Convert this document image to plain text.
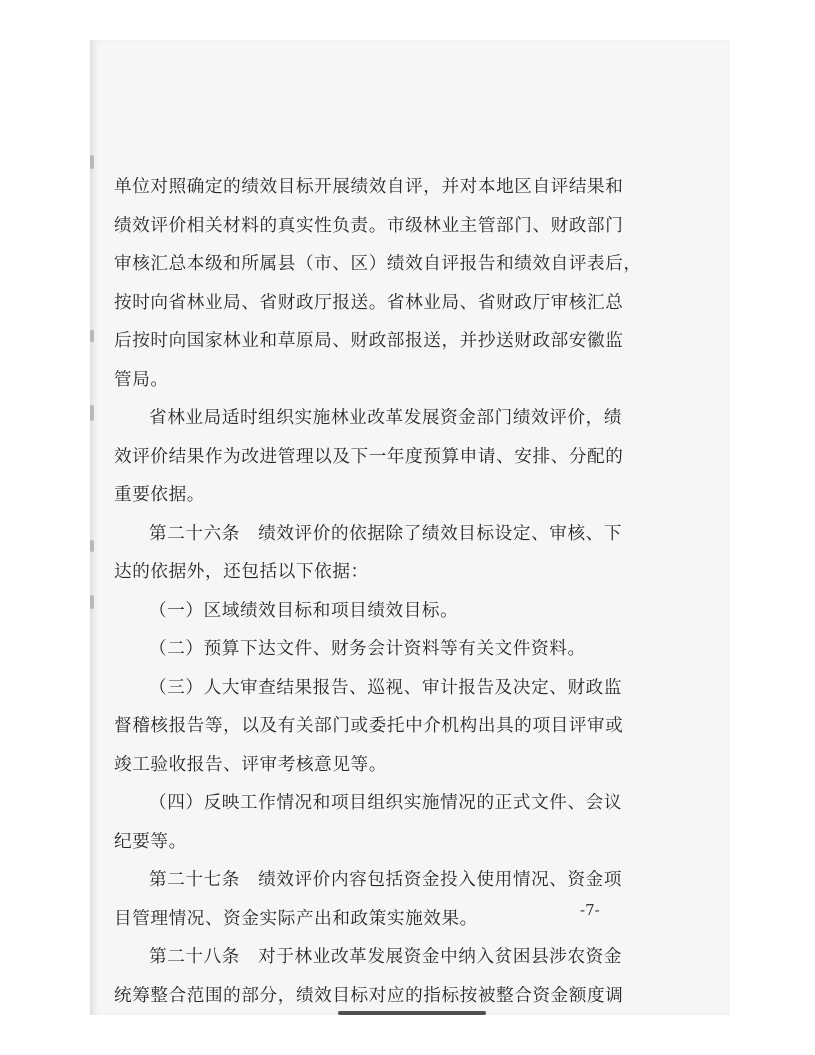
单位对照确定的绩效目标开展绩效自评，并对本地区自评结果和
绩效评价相关材料的真实性负责。市级林业主管部门、财政部门
审核汇总本级和所属县（市、区）绩效自评报告和绩效自评表后，
按时向省林业局、省财政厅报送。省林业局、省财政厅审核汇总
后按时向国家林业和草原局、财政部报送，并抄送财政部安徽监
管局。
省林业局适时组织实施林业改革发展资金部门绩效评价，绩
效评价结果作为改进管理以及下一年度预算申请、安排、分配的
重要依据。
第二十六条　绩效评价的依据除了绩效目标设定、审核、下
达的依据外，还包括以下依据：
（一）区域绩效目标和项目绩效目标。
（二）预算下达文件、财务会计资料等有关文件资料。
（三）人大审查结果报告、巡视、审计报告及决定、财政监
督稽核报告等，以及有关部门或委托中介机构出具的项目评审或
竣工验收报告、评审考核意见等。
（四）反映工作情况和项目组织实施情况的正式文件、会议
纪要等。
第二十七条　绩效评价内容包括资金投入使用情况、资金项
目管理情况、资金实际产出和政策实施效果。
第二十八条　对于林业改革发展资金中纳入贫困县涉农资金
统筹整合范围的部分，绩效目标对应的指标按被整合资金额度调
-7-
